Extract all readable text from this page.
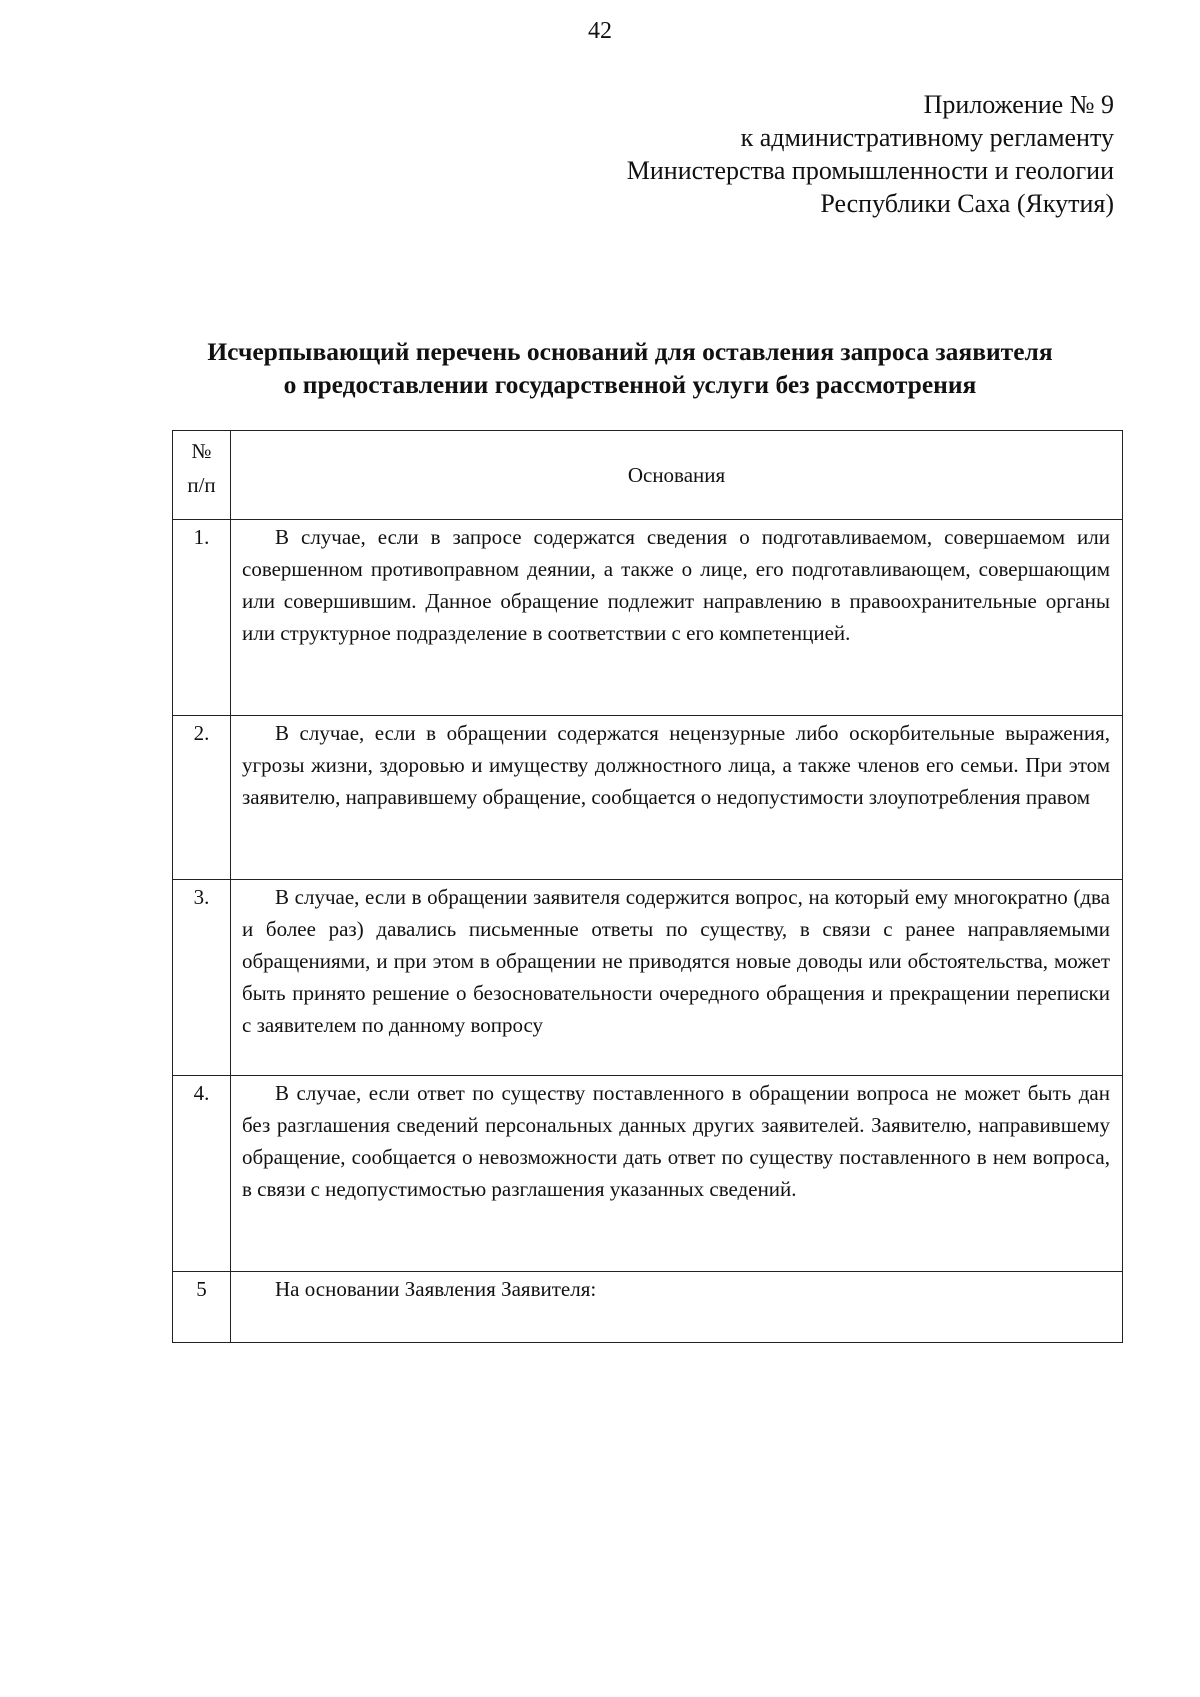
42
Приложение № 9
к административному регламенту
Министерства промышленности и геологии
Республики Саха (Якутия)
Исчерпывающий перечень оснований для оставления запроса заявителя
о предоставлении государственной услуги без рассмотрения
№
п/п	Основания
1.	В случае, если в запросе содержатся сведения о подготавливаемом, совершаемом или совершенном противоправном деянии, а также о лице, его подготавливающем, совершающим или совершившим. Данное обращение подлежит направлению в правоохранительные органы или структурное подразделение в соответствии с его компетенцией.

2.	В случае, если в обращении содержатся нецензурные либо оскорбительные выражения, угрозы жизни, здоровью и имуществу должностного лица, а также членов его семьи. При этом заявителю, направившему обращение, сообщается о недопустимости злоупотребления правом

3.	В случае, если в обращении заявителя содержится вопрос, на который ему многократно (два и более раз) давались письменные ответы по существу, в связи с ранее направляемыми обращениями, и при этом в обращении не приводятся новые доводы или обстоятельства, может быть принято решение о безосновательности очередного обращения и прекращении переписки с заявителем по данному вопросу

4.	В случае, если ответ по существу поставленного в обращении вопроса не может быть дан без разглашения сведений персональных данных других заявителей. Заявителю, направившему обращение, сообщается о невозможности дать ответ по существу поставленного в нем вопроса, в связи с недопустимостью разглашения указанных сведений.

5	На основании Заявления Заявителя:
